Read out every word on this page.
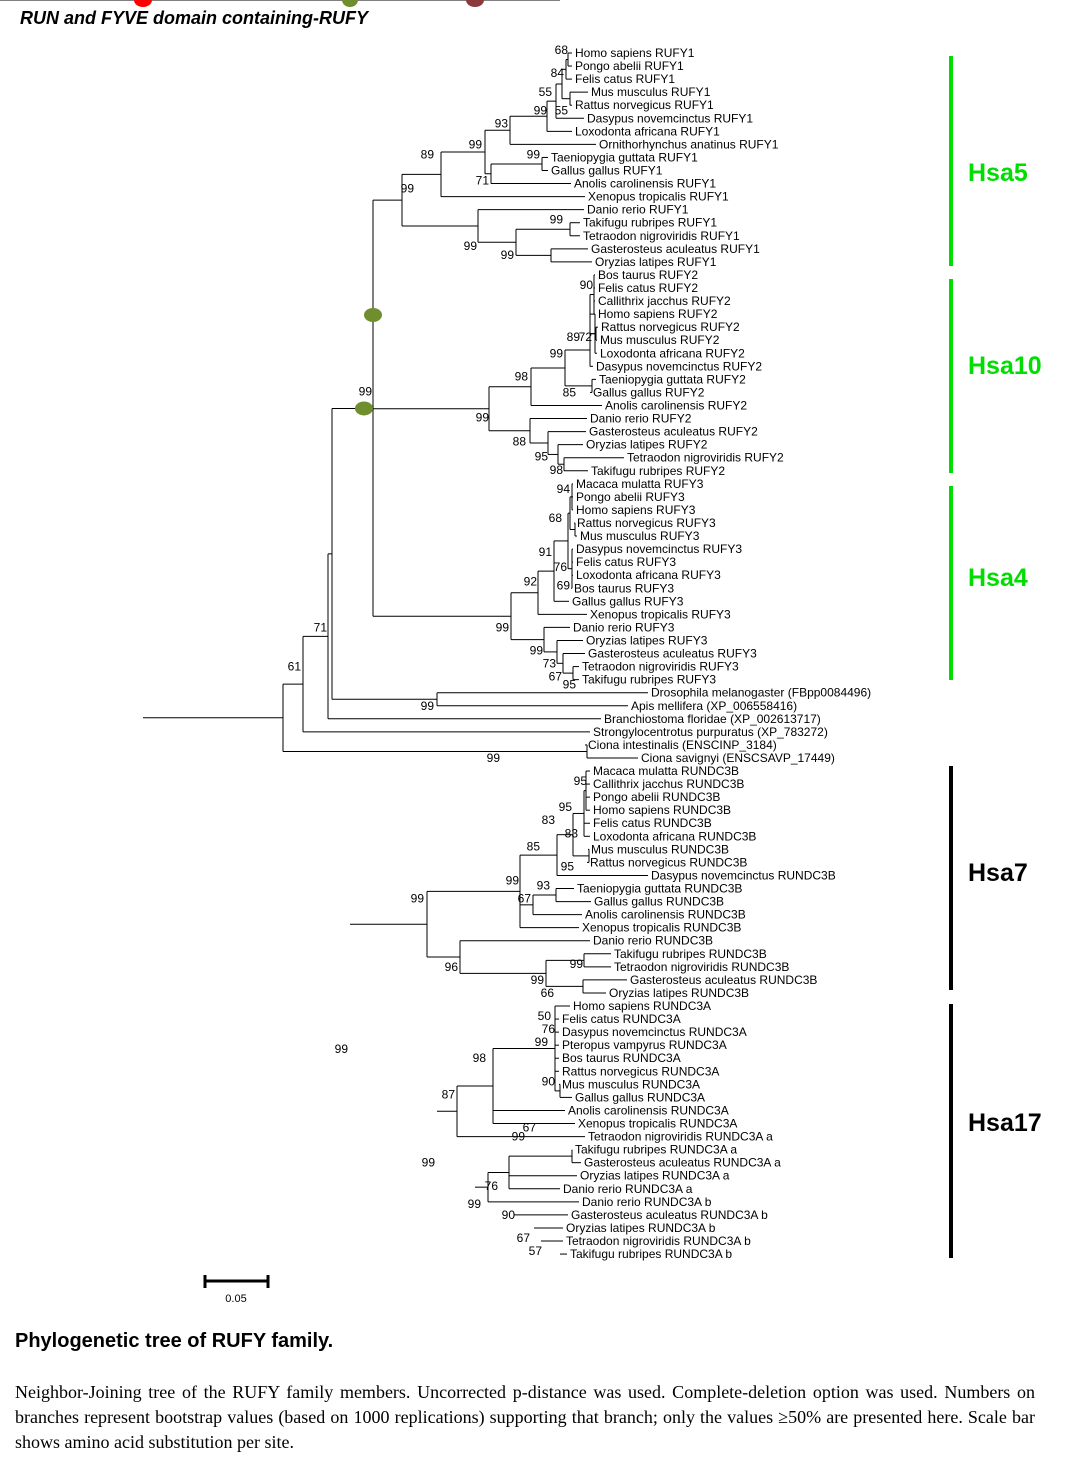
RUN and FYVE domain containing-RUFY
Homo sapiens RUFY1
Pongo abelii RUFY1
Felis catus RUFY1
Mus musculus RUFY1
Rattus norvegicus RUFY1
Dasypus novemcinctus RUFY1
Loxodonta africana RUFY1
Ornithorhynchus anatinus RUFY1
Taeniopygia guttata RUFY1
Gallus gallus RUFY1
Anolis carolinensis RUFY1
Xenopus tropicalis RUFY1
Danio rerio RUFY1
Takifugu rubripes RUFY1
Tetraodon nigroviridis RUFY1
Gasterosteus aculeatus RUFY1
Oryzias latipes RUFY1
Bos taurus RUFY2
Felis catus RUFY2
Callithrix jacchus RUFY2
Homo sapiens RUFY2
Rattus norvegicus RUFY2
Mus musculus RUFY2
Loxodonta africana RUFY2
Dasypus novemcinctus RUFY2
Taeniopygia guttata RUFY2
Gallus gallus RUFY2
Anolis carolinensis RUFY2
Danio rerio RUFY2
Gasterosteus aculeatus RUFY2
Oryzias latipes RUFY2
Tetraodon nigroviridis RUFY2
Takifugu rubripes RUFY2
Macaca mulatta RUFY3
Pongo abelii RUFY3
Homo sapiens RUFY3
Rattus norvegicus RUFY3
Mus musculus RUFY3
Dasypus novemcinctus RUFY3
Felis catus RUFY3
Loxodonta africana RUFY3
Bos taurus RUFY3
Gallus gallus RUFY3
Xenopus tropicalis RUFY3
Danio rerio RUFY3
Oryzias latipes RUFY3
Gasterosteus aculeatus RUFY3
Tetraodon nigroviridis RUFY3
Takifugu rubripes RUFY3
Drosophila melanogaster (FBpp0084496)
Apis mellifera (XP_006558416)
Branchiostoma floridae (XP_002613717)
Strongylocentrotus purpuratus (XP_783272)
Ciona intestinalis (ENSCINP_3184)
Ciona savignyi (ENSCSAVP_17449)
Macaca mulatta RUNDC3B
Callithrix jacchus RUNDC3B
Pongo abelii RUNDC3B
Homo sapiens RUNDC3B
Felis catus RUNDC3B
Loxodonta africana RUNDC3B
Mus musculus RUNDC3B
Rattus norvegicus RUNDC3B
Dasypus novemcinctus RUNDC3B
Taeniopygia guttata RUNDC3B
Gallus gallus RUNDC3B
Anolis carolinensis RUNDC3B
Xenopus tropicalis RUNDC3B
Danio rerio RUNDC3B
Takifugu rubripes RUNDC3B
Tetraodon nigroviridis RUNDC3B
Gasterosteus aculeatus RUNDC3B
Oryzias latipes RUNDC3B
Homo sapiens RUNDC3A
Felis catus RUNDC3A
Dasypus novemcinctus RUNDC3A
Pteropus vampyrus RUNDC3A
Bos taurus RUNDC3A
Rattus norvegicus RUNDC3A
Mus musculus RUNDC3A
Gallus gallus RUNDC3A
Anolis carolinensis RUNDC3A
Xenopus tropicalis RUNDC3A
Tetraodon nigroviridis RUNDC3A a
Takifugu rubripes RUNDC3A a
Gasterosteus aculeatus RUNDC3A a
Oryzias latipes RUNDC3A a
Danio rerio RUNDC3A a
Danio rerio RUNDC3A b
Gasterosteus aculeatus RUNDC3A b
Oryzias latipes RUNDC3A b
Tetraodon nigroviridis RUNDC3A b
Takifugu rubripes RUNDC3A b
68
84
55
99 55
93
99
99
71
89
99
99
99
99
90
89
72
99
98
85
99
99
88
95
98
94
68
91
76
69
92
99
99
73
67
95
71
61
99
99
95
95
83
83
85
95
99 93
67
99
99
96
99
66
50
76
99
98
90
87
67
99
99
76
99
90
67
57
99
Hsa5
Hsa10
Hsa4
Hsa7
Hsa17
0.05
Phylogenetic tree of RUFY family.

Neighbor-Joining tree of the RUFY family members. Uncorrected p-distance was used. Complete-deletion option was used. Numbers on branches represent bootstrap values (based on 1000 replications) supporting that branch; only the values ≥50% are presented here. Scale bar shows amino acid substitution per site.
